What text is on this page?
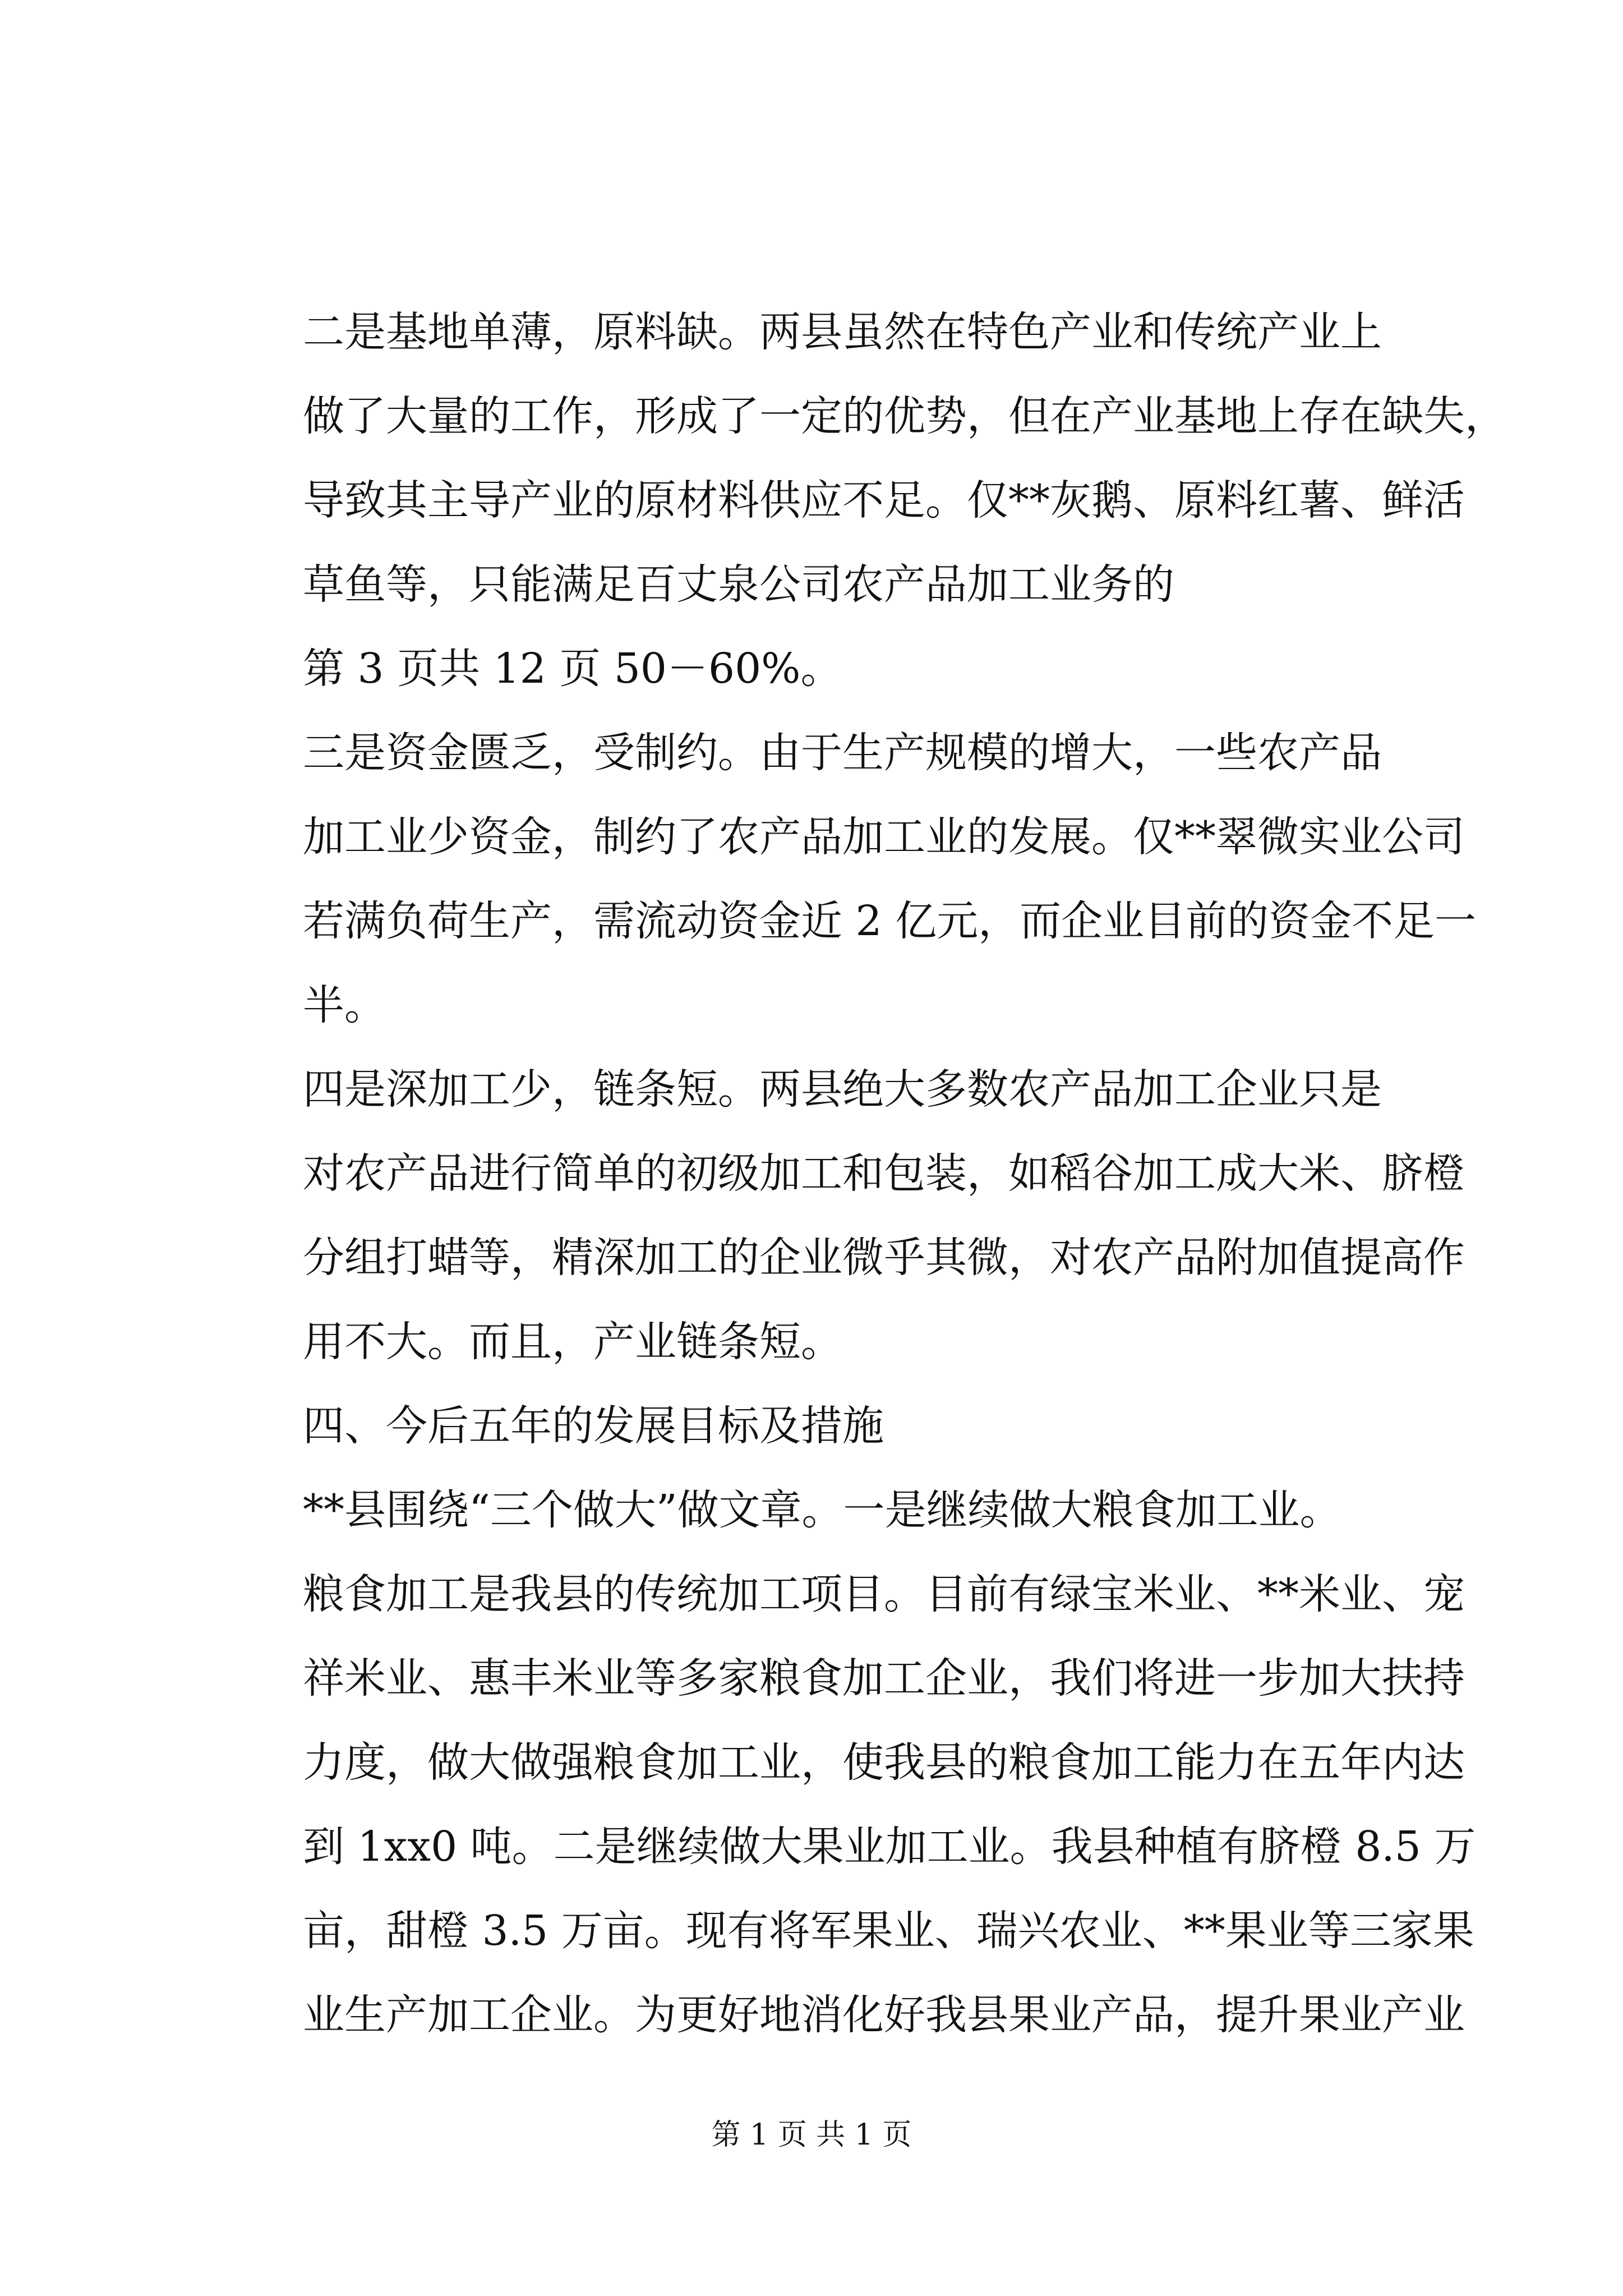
二是基地单薄，原料缺。两县虽然在特色产业和传统产业上
做了大量的工作，形成了一定的优势，但在产业基地上存在缺失，
导致其主导产业的原材料供应不足。仅**灰鹅、原料红薯、鲜活
草鱼等，只能满足百丈泉公司农产品加工业务的
第 3 页共 12 页 50－60%。
三是资金匮乏，受制约。由于生产规模的增大，一些农产品
加工业少资金，制约了农产品加工业的发展。仅**翠微实业公司
若满负荷生产，需流动资金近 2 亿元，而企业目前的资金不足一
半。
四是深加工少，链条短。两县绝大多数农产品加工企业只是
对农产品进行简单的初级加工和包装，如稻谷加工成大米、脐橙
分组打蜡等，精深加工的企业微乎其微，对农产品附加值提高作
用不大。而且，产业链条短。
四、今后五年的发展目标及措施
**县围绕“三个做大”做文章。一是继续做大粮食加工业。
粮食加工是我县的传统加工项目。目前有绿宝米业、**米业、宠
祥米业、惠丰米业等多家粮食加工企业，我们将进一步加大扶持
力度，做大做强粮食加工业，使我县的粮食加工能力在五年内达
到 1xx0 吨。二是继续做大果业加工业。我县种植有脐橙 8.5 万
亩，甜橙 3.5 万亩。现有将军果业、瑞兴农业、**果业等三家果
业生产加工企业。为更好地消化好我县果业产品，提升果业产业
第 1 页 共 1 页
